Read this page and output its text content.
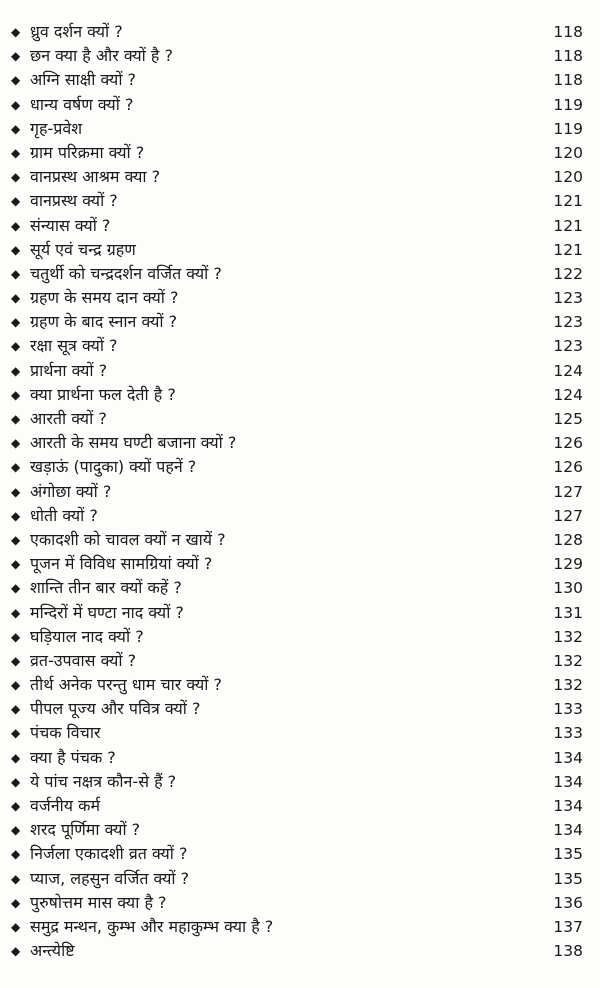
◆ ध्रुव दर्शन क्यों ?	118
◆ छन क्या है और क्यों है ?	118
◆ अग्नि साक्षी क्यों ?	118
◆ धान्य वर्षण क्यों ?	119
◆ गृह-प्रवेश	119
◆ ग्राम परिक्रमा क्यों ?	120
◆ वानप्रस्थ आश्रम क्या ?	120
◆ वानप्रस्थ क्यों ?	121
◆ संन्यास क्यों ?	121
◆ सूर्य एवं चन्द्र ग्रहण	121
◆ चतुर्थी को चन्द्रदर्शन वर्जित क्यों ?	122
◆ ग्रहण के समय दान क्यों ?	123
◆ ग्रहण के बाद स्नान क्यों ?	123
◆ रक्षा सूत्र क्यों ?	123
◆ प्रार्थना क्यों ?	124
◆ क्या प्रार्थना फल देती है ?	124
◆ आरती क्यों ?	125
◆ आरती के समय घण्टी बजाना क्यों ?	126
◆ खड़ाऊं (पादुका) क्यों पहनें ?	126
◆ अंगोछा क्यों ?	127
◆ धोती क्यों ?	127
◆ एकादशी को चावल क्यों न खायें ?	128
◆ पूजन में विविध सामग्रियां क्यों ?	129
◆ शान्ति तीन बार क्यों कहें ?	130
◆ मन्दिरों में घण्टा नाद क्यों ?	131
◆ घड़ियाल नाद क्यों ?	132
◆ व्रत-उपवास क्यों ?	132
◆ तीर्थ अनेक परन्तु धाम चार क्यों ?	132
◆ पीपल पूज्य और पवित्र क्यों ?	133
◆ पंचक विचार	133
◆ क्या है पंचक ?	134
◆ ये पांच नक्षत्र कौन-से हैं ?	134
◆ वर्जनीय कर्म	134
◆ शरद पूर्णिमा क्यों ?	134
◆ निर्जला एकादशी व्रत क्यों ?	135
◆ प्याज, लहसुन वर्जित क्यों ?	135
◆ पुरुषोत्तम मास क्या है ?	136
◆ समुद्र मन्थन, कुम्भ और महाकुम्भ क्या है ?	137
◆ अन्त्येष्टि	138
